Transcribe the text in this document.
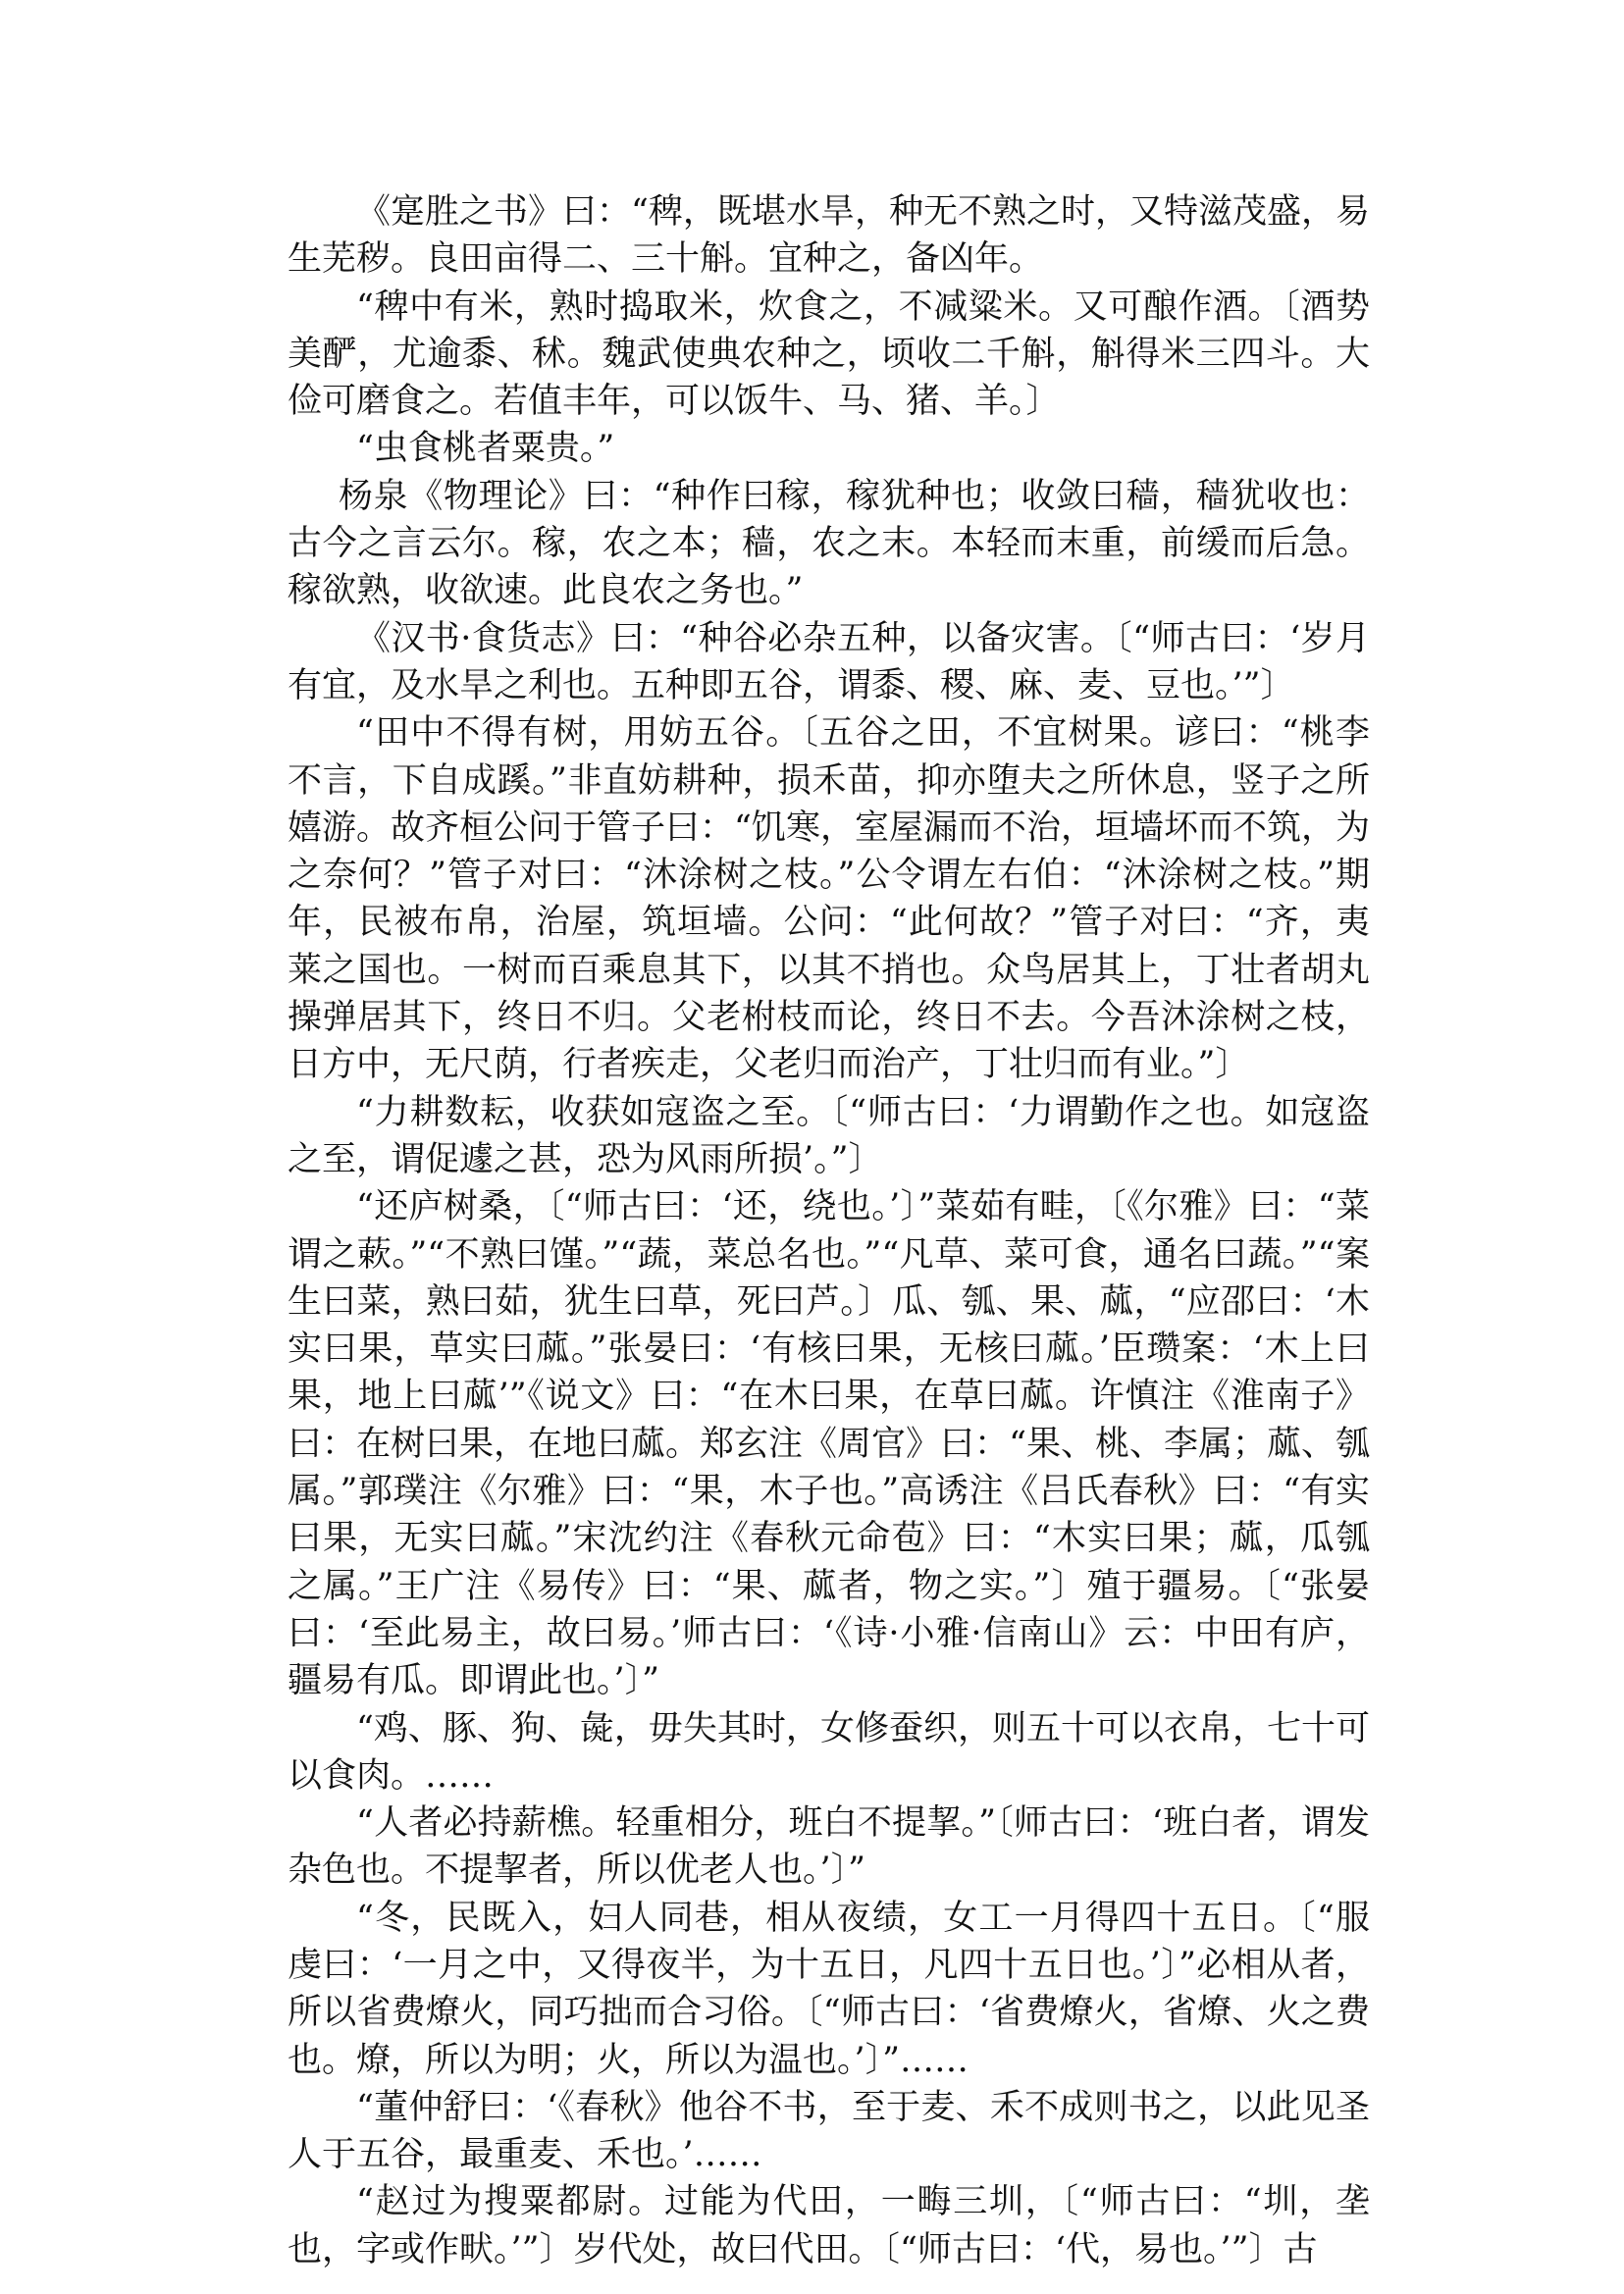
《寔胜之书》曰：“稗，既堪水旱，种无不熟之时，又特滋茂盛，易生芜秽。良田亩得二、三十斛。宜种之，备凶年。

“稗中有米，熟时捣取米，炊食之，不减粱米。又可酿作酒。〔酒势美酽，尤逾黍、秫。魏武使典农种之，顷收二千斛，斛得米三四斗。大俭可磨食之。若值丰年，可以饭牛、马、猪、羊。〕

“虫食桃者粟贵。”

杨泉《物理论》曰：“种作曰稼，稼犹种也；收敛曰穑，穑犹收也：古今之言云尔。稼，农之本；穑，农之末。本轻而末重，前缓而后急。稼欲熟，收欲速。此良农之务也。”

《汉书·食货志》曰：“种谷必杂五种，以备灾害。〔“师古曰：‘岁月有宜，及水旱之利也。五种即五谷，谓黍、稷、麻、麦、豆也。’”〕

“田中不得有树，用妨五谷。〔五谷之田，不宜树果。谚曰：“桃李不言，下自成蹊。”非直妨耕种，损禾苗，抑亦堕夫之所休息，竖子之所嬉游。故齐桓公问于管子曰：“饥寒，室屋漏而不治，垣墙坏而不筑，为之奈何？”管子对曰：“沐涂树之枝。”公令谓左右伯：“沐涂树之枝。”期年，民被布帛，治屋，筑垣墙。公问：“此何故？”管子对曰：“齐，夷莱之国也。一树而百乘息其下，以其不捎也。众鸟居其上，丁壮者胡丸操弹居其下，终日不归。父老柎枝而论，终日不去。今吾沐涂树之枝，日方中，无尺荫，行者疾走，父老归而治产，丁壮归而有业。”〕

“力耕数耘，收获如寇盗之至。〔“师古曰：‘力谓勤作之也。如寇盗之至，谓促遽之甚，恐为风雨所损’。”〕

“还庐树桑，〔“师古曰：‘还，绕也。’〕”菜茹有畦，〔《尔雅》曰：“菜谓之蔌。”“不熟曰馑。”“蔬，菜总名也。”“凡草、菜可食，通名曰蔬。”“案生曰菜，熟曰茹，犹生曰草，死曰芦。〕瓜、瓠、果、蓏，“应邵曰：‘木实曰果，草实曰蓏。”张晏曰：‘有核曰果，无核曰蓏。’臣瓒案：‘木上曰果，地上曰蓏’”《说文》曰：“在木曰果，在草曰蓏。许慎注《淮南子》曰：在树曰果，在地曰蓏。郑玄注《周官》曰：“果、桃、李属；蓏、瓠属。”郭璞注《尔雅》曰：“果，木子也。”高诱注《吕氏春秋》曰：“有实曰果，无实曰蓏。”宋沈约注《春秋元命苞》曰：“木实曰果；蓏，瓜瓠之属。”王广注《易传》曰：“果、蓏者，物之实。”〕殖于疆易。〔“张晏曰：‘至此易主，故曰易。’师古曰：‘《诗·小雅·信南山》云：中田有庐，疆易有瓜。即谓此也。’〕”

“鸡、豚、狗、彘，毋失其时，女修蚕织，则五十可以衣帛，七十可以食肉。……

“人者必持薪樵。轻重相分，班白不提挈。”〔师古曰：‘班白者，谓发杂色也。不提挈者，所以优老人也。’〕”

“冬，民既入，妇人同巷，相从夜绩，女工一月得四十五日。〔“服虔曰：‘一月之中，又得夜半，为十五日，凡四十五日也。’〕”必相从者，所以省费燎火，同巧拙而合习俗。〔“师古曰：‘省费燎火，省燎、火之费也。燎，所以为明；火，所以为温也。’〕”……

“董仲舒曰：‘《春秋》他谷不书，至于麦、禾不成则书之，以此见圣人于五谷，最重麦、禾也。’……

“赵过为搜粟都尉。过能为代田，一畮三圳，〔“师古曰：“圳，垄也，字或作畎。’”〕岁代处，故曰代田。〔“师古曰：‘代，易也。’”〕古
